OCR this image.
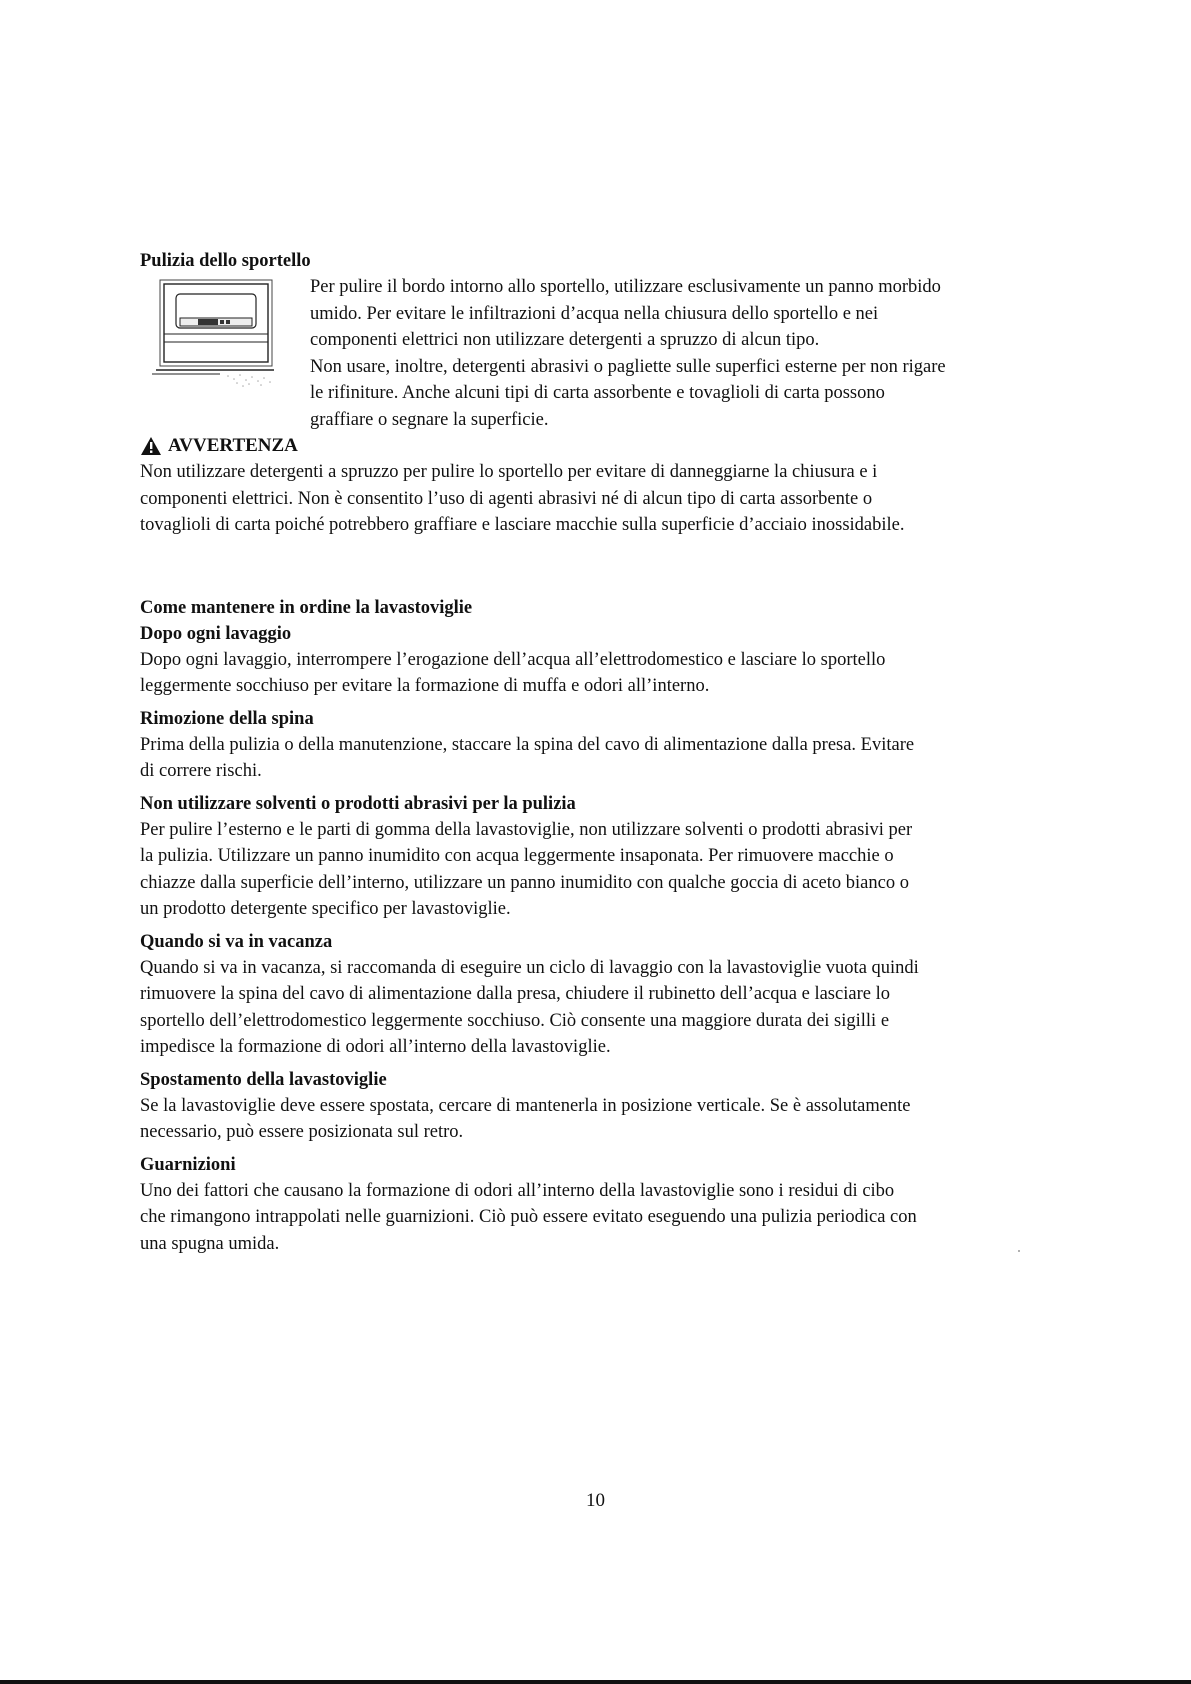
Pulizia dello sportello

Per pulire il bordo intorno allo sportello, utilizzare esclusivamente un panno morbido
umido. Per evitare le infiltrazioni d’acqua nella chiusura dello sportello e nei
componenti elettrici non utilizzare detergenti a spruzzo di alcun tipo.
Non usare, inoltre, detergenti abrasivi o pagliette sulle superfici esterne per non rigare
le rifiniture. Anche alcuni tipi di carta assorbente e tovaglioli di carta possono
graffiare o segnare la superficie.
AVVERTENZA
Non utilizzare detergenti a spruzzo per pulire lo sportello per evitare di danneggiarne la chiusura e i
componenti elettrici. Non è consentito l’uso di agenti abrasivi né di alcun tipo di carta assorbente o
tovaglioli di carta poiché potrebbero graffiare e lasciare macchie sulla superficie d’acciaio inossidabile.

Come mantenere in ordine la lavastoviglie

Dopo ogni lavaggio

Dopo ogni lavaggio, interrompere l’erogazione dell’acqua all’elettrodomestico e lasciare lo sportello
leggermente socchiuso per evitare la formazione di muffa e odori all’interno.

Rimozione della spina

Prima della pulizia o della manutenzione, staccare la spina del cavo di alimentazione dalla presa. Evitare
di correre rischi.

Non utilizzare solventi o prodotti abrasivi per la pulizia

Per pulire l’esterno e le parti di gomma della lavastoviglie, non utilizzare solventi o prodotti abrasivi per
la pulizia. Utilizzare un panno inumidito con acqua leggermente insaponata. Per rimuovere macchie o
chiazze dalla superficie dell’interno, utilizzare un panno inumidito con qualche goccia di aceto bianco o
un prodotto detergente specifico per lavastoviglie.

Quando si va in vacanza

Quando si va in vacanza, si raccomanda di eseguire un ciclo di lavaggio con la lavastoviglie vuota quindi
rimuovere la spina del cavo di alimentazione dalla presa, chiudere il rubinetto dell’acqua e lasciare lo
sportello dell’elettrodomestico leggermente socchiuso. Ciò consente una maggiore durata dei sigilli e
impedisce la formazione di odori all’interno della lavastoviglie.

Spostamento della lavastoviglie

Se la lavastoviglie deve essere spostata, cercare di mantenerla in posizione verticale. Se è assolutamente
necessario, può essere posizionata sul retro.

Guarnizioni

Uno dei fattori che causano la formazione di odori all’interno della lavastoviglie sono i residui di cibo
che rimangono intrappolati nelle guarnizioni. Ciò può essere evitato eseguendo una pulizia periodica con
una spugna umida.
10
